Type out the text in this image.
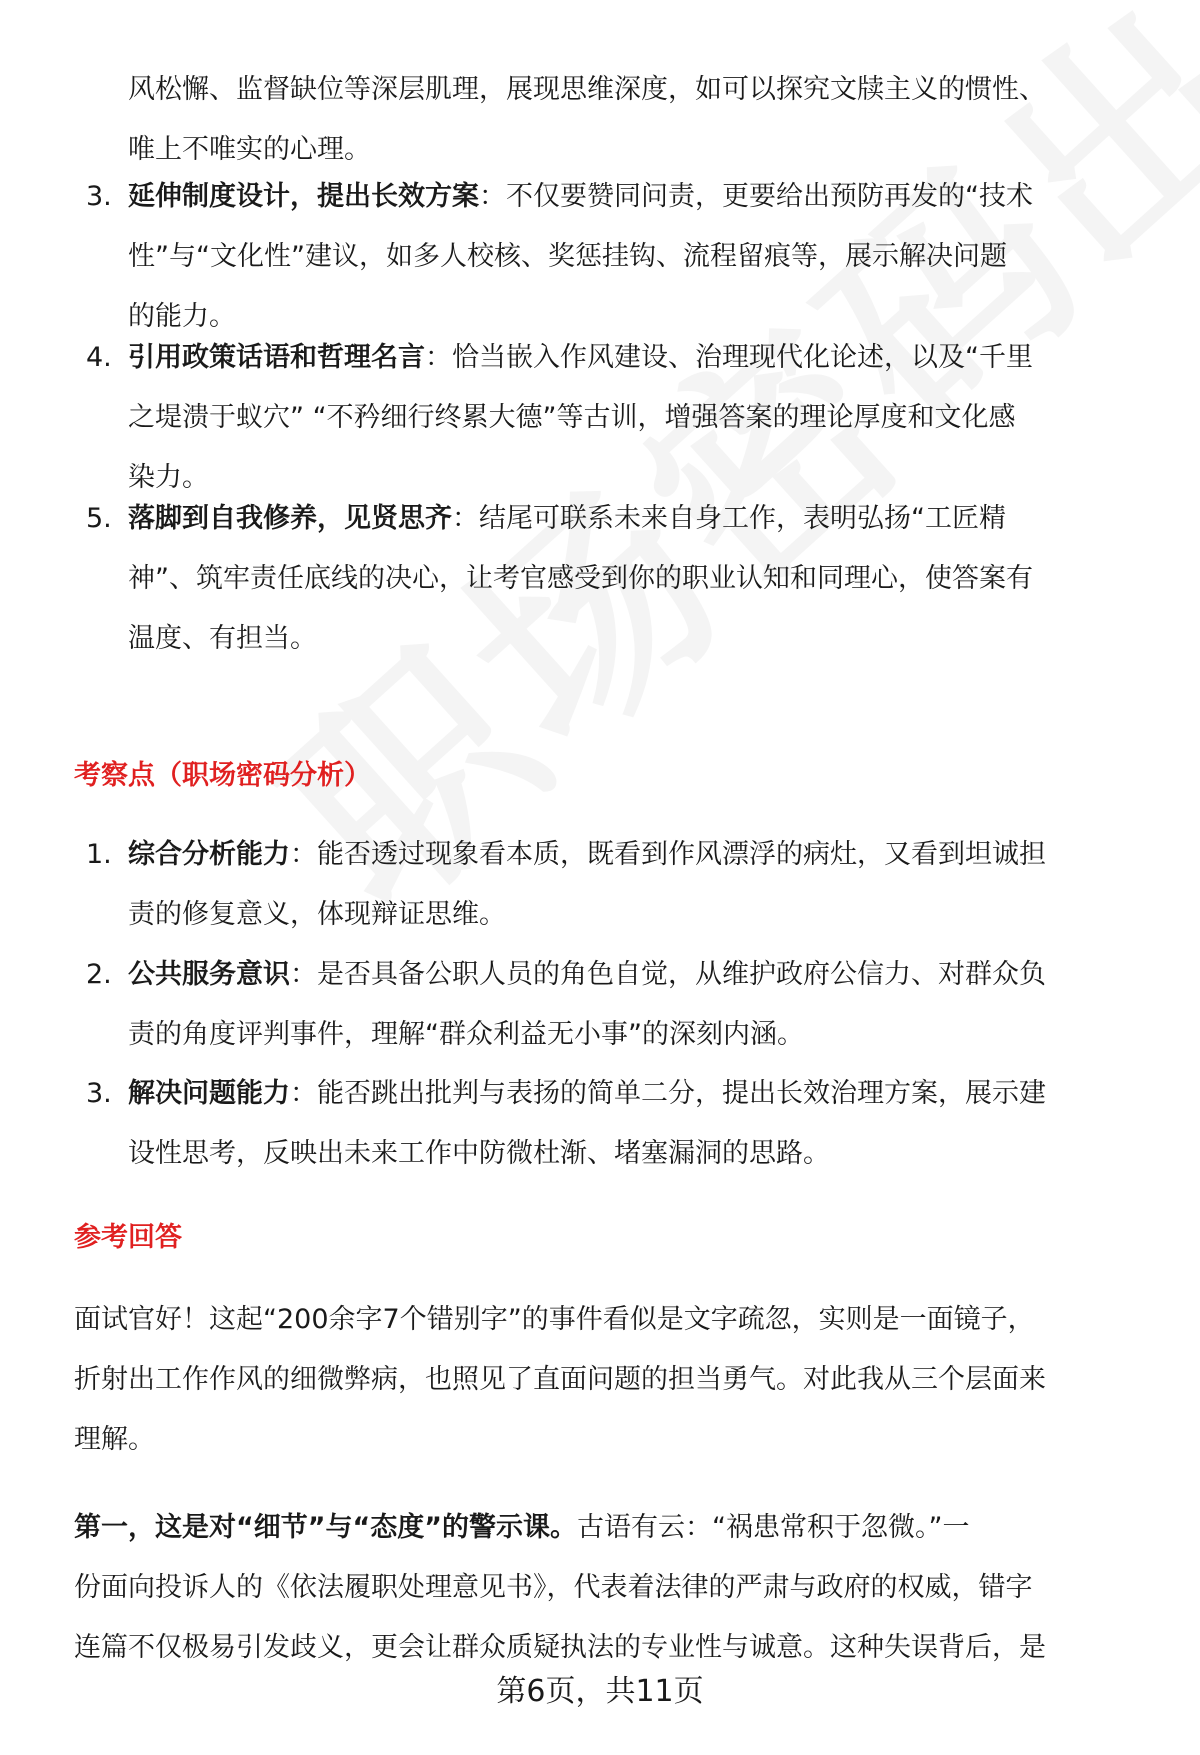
风松懈、监督缺位等深层肌理，展现思维深度，如可以探究文牍主义的惯性、
唯上不唯实的心理。
3. 延伸制度设计，提出长效方案：不仅要赞同问责，更要给出预防再发的“技术
性”与“文化性”建议，如多人校核、奖惩挂钩、流程留痕等，展示解决问题
的能力。
4. 引用政策话语和哲理名言：恰当嵌入作风建设、治理现代化论述，以及“千里
之堤溃于蚁穴” “不矜细行终累大德”等古训，增强答案的理论厚度和文化感
染力。
5. 落脚到自我修养，见贤思齐：结尾可联系未来自身工作，表明弘扬“工匠精
神”、筑牢责任底线的决心，让考官感受到你的职业认知和同理心，使答案有
温度、有担当。
考察点（职场密码分析）
1. 综合分析能力：能否透过现象看本质，既看到作风漂浮的病灶，又看到坦诚担
责的修复意义，体现辩证思维。
2. 公共服务意识：是否具备公职人员的角色自觉，从维护政府公信力、对群众负
责的角度评判事件，理解“群众利益无小事”的深刻内涵。
3. 解决问题能力：能否跳出批判与表扬的简单二分，提出长效治理方案，展示建
设性思考，反映出未来工作中防微杜渐、堵塞漏洞的思路。
参考回答
面试官好！这起“200余字7个错别字”的事件看似是文字疏忽，实则是一面镜子，
折射出工作作风的细微弊病，也照见了直面问题的担当勇气。对此我从三个层面来
理解。
第一，这是对“细节”与“态度”的警示课。古语有云：“祸患常积于忽微。”一
份面向投诉人的《依法履职处理意见书》，代表着法律的严肃与政府的权威，错字
连篇不仅极易引发歧义，更会让群众质疑执法的专业性与诚意。这种失误背后，是
第6页，共11页
